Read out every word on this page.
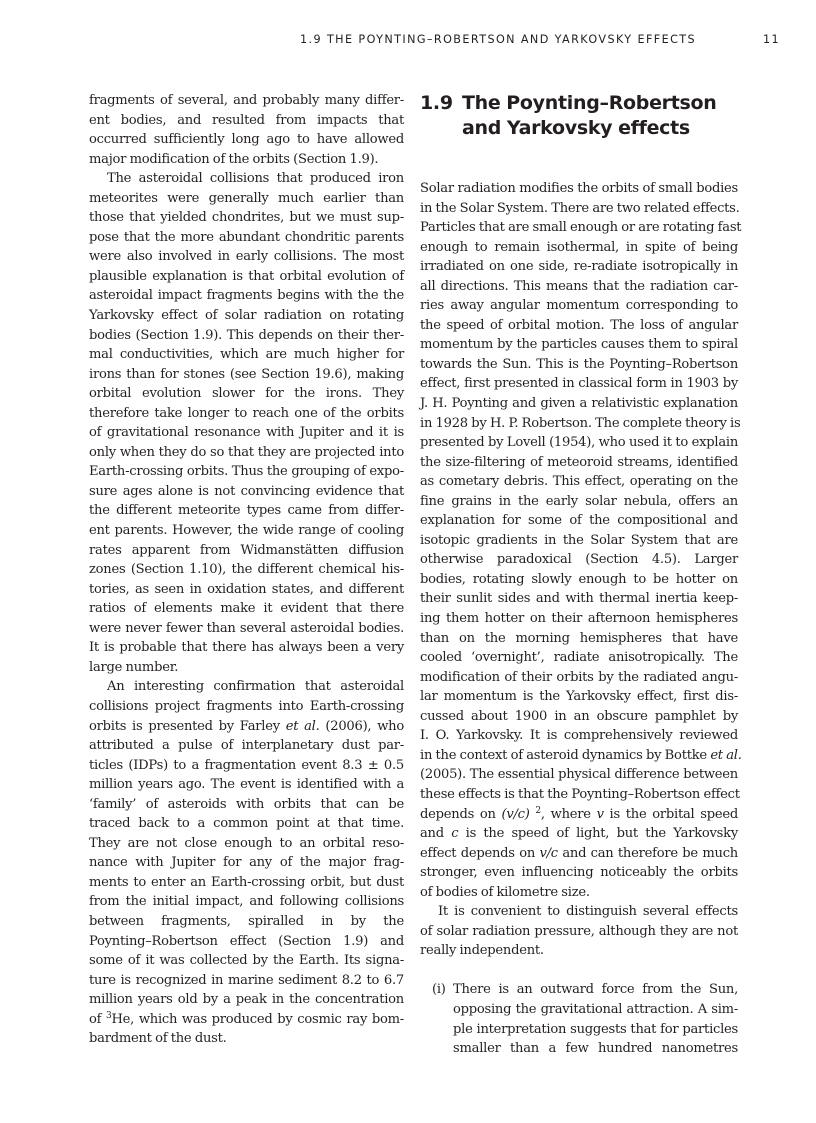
1.9 THE POYNTING–ROBERTSON AND YARKOVSKY EFFECTS	11

fragments of several, and probably many differ-
ent bodies, and resulted from impacts that
occurred sufficiently long ago to have allowed
major modification of the orbits (Section 1.9).

The asteroidal collisions that produced iron
meteorites were generally much earlier than
those that yielded chondrites, but we must sup-
pose that the more abundant chondritic parents
were also involved in early collisions. The most
plausible explanation is that orbital evolution of
asteroidal impact fragments begins with the the
Yarkovsky effect of solar radiation on rotating
bodies (Section 1.9). This depends on their ther-
mal conductivities, which are much higher for
irons than for stones (see Section 19.6), making
orbital evolution slower for the irons. They
therefore take longer to reach one of the orbits
of gravitational resonance with Jupiter and it is
only when they do so that they are projected into
Earth-crossing orbits. Thus the grouping of expo-
sure ages alone is not convincing evidence that
the different meteorite types came from differ-
ent parents. However, the wide range of cooling
rates apparent from Widmanstätten diffusion
zones (Section 1.10), the different chemical his-
tories, as seen in oxidation states, and different
ratios of elements make it evident that there
were never fewer than several asteroidal bodies.
It is probable that there has always been a very
large number.

An interesting confirmation that asteroidal
collisions project fragments into Earth-crossing
orbits is presented by Farley et al. (2006), who
attributed a pulse of interplanetary dust par-
ticles (IDPs) to a fragmentation event 8.3 ± 0.5
million years ago. The event is identified with a
‘family’ of asteroids with orbits that can be
traced back to a common point at that time.
They are not close enough to an orbital reso-
nance with Jupiter for any of the major frag-
ments to enter an Earth-crossing orbit, but dust
from the initial impact, and following collisions
between fragments, spiralled in by the
Poynting–Robertson effect (Section 1.9) and
some of it was collected by the Earth. Its signa-
ture is recognized in marine sediment 8.2 to 6.7
million years old by a peak in the concentration
of $^3$He, which was produced by cosmic ray bom-
bardment of the dust.

1.9 The Poynting–Robertson
and Yarkovsky effects

Solar radiation modifies the orbits of small bodies
in the Solar System. There are two related effects.
Particles that are small enough or are rotating fast
enough to remain isothermal, in spite of being
irradiated on one side, re-radiate isotropically in
all directions. This means that the radiation car-
ries away angular momentum corresponding to
the speed of orbital motion. The loss of angular
momentum by the particles causes them to spiral
towards the Sun. This is the Poynting–Robertson
effect, first presented in classical form in 1903 by
J. H. Poynting and given a relativistic explanation
in 1928 by H. P. Robertson. The complete theory is
presented by Lovell (1954), who used it to explain
the size-filtering of meteoroid streams, identified
as cometary debris. This effect, operating on the
fine grains in the early solar nebula, offers an
explanation for some of the compositional and
isotopic gradients in the Solar System that are
otherwise paradoxical (Section 4.5). Larger
bodies, rotating slowly enough to be hotter on
their sunlit sides and with thermal inertia keep-
ing them hotter on their afternoon hemispheres
than on the morning hemispheres that have
cooled ‘overnight’, radiate anisotropically. The
modification of their orbits by the radiated angu-
lar momentum is the Yarkovsky effect, first dis-
cussed about 1900 in an obscure pamphlet by
I. O. Yarkovsky. It is comprehensively reviewed
in the context of asteroid dynamics by Bottke et al.
(2005). The essential physical difference between
these effects is that the Poynting–Robertson effect
depends on (v/c) $^2$, where v is the orbital speed
and c is the speed of light, but the Yarkovsky
effect depends on v/c and can therefore be much
stronger, even influencing noticeably the orbits
of bodies of kilometre size.

It is convenient to distinguish several effects
of solar radiation pressure, although they are not
really independent.

(i) There is an outward force from the Sun,
opposing the gravitational attraction. A sim-
ple interpretation suggests that for particles
smaller than a few hundred nanometres
